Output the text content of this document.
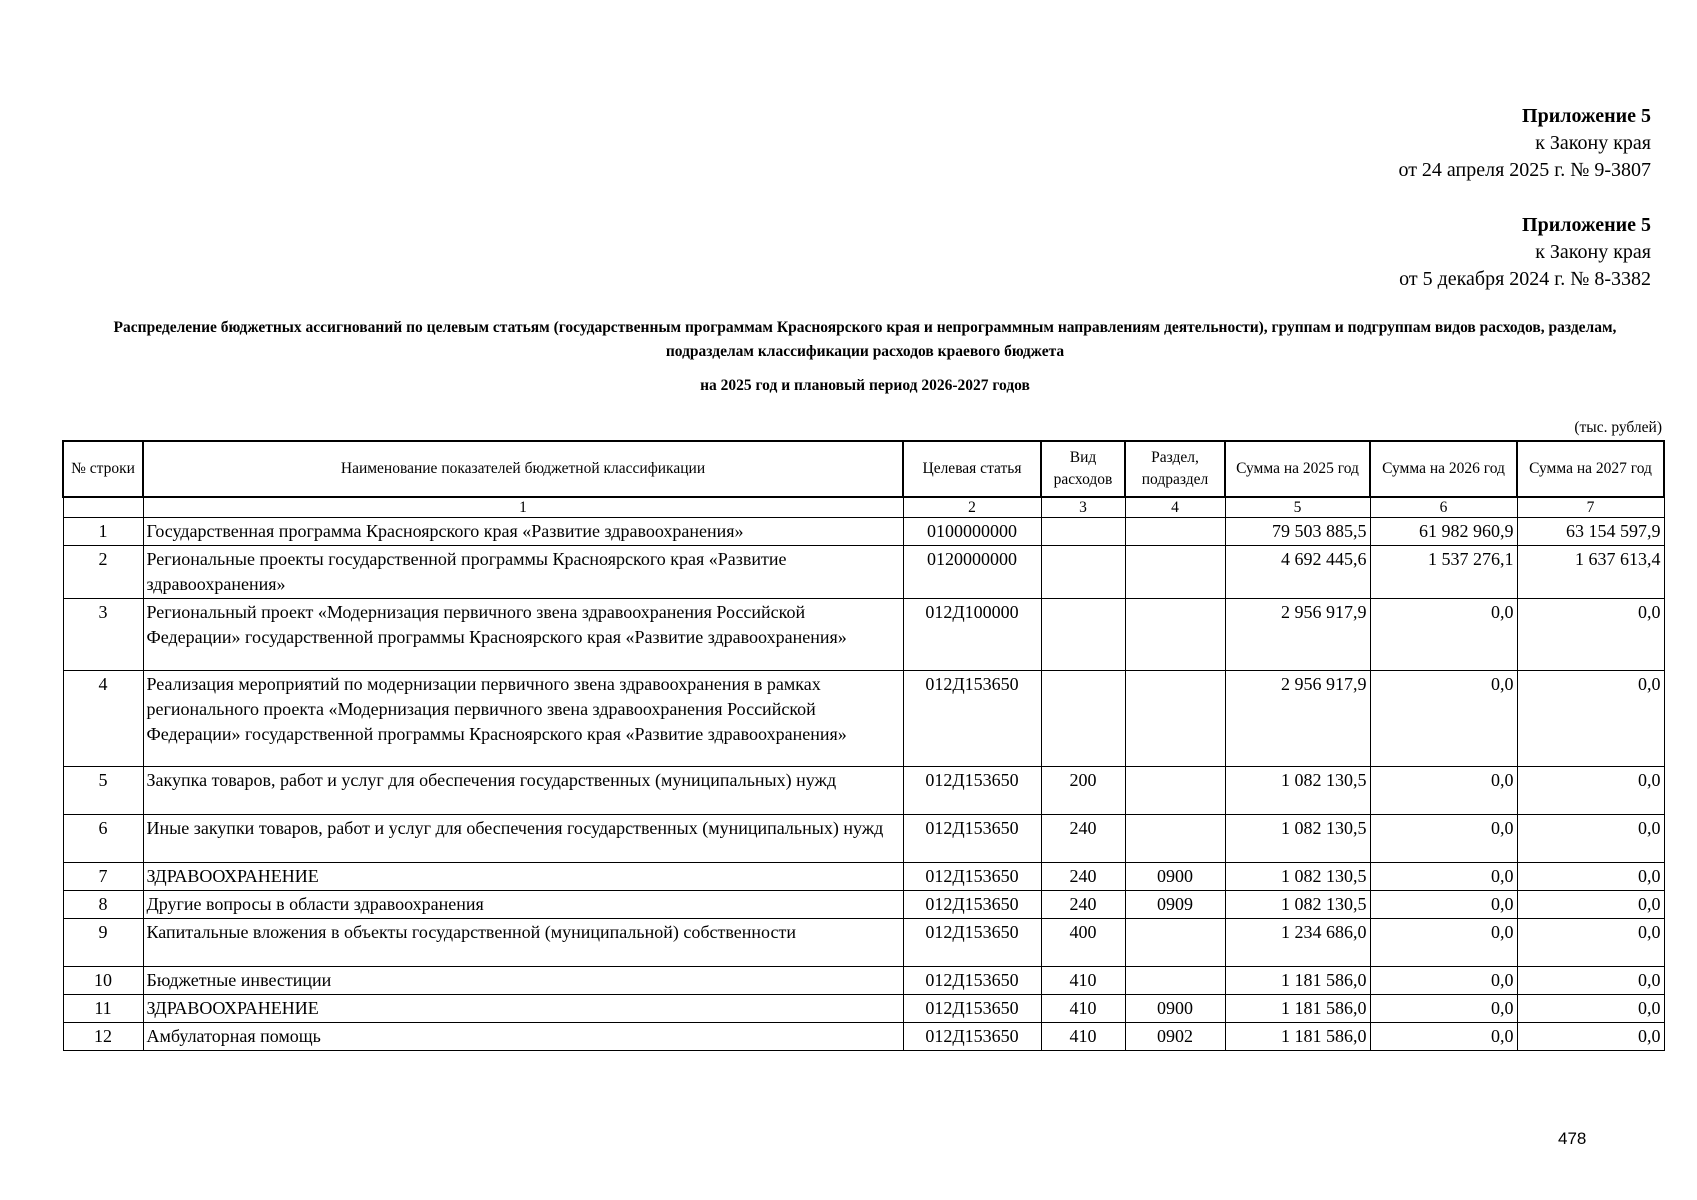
Приложение 5
к Закону края
от 24 апреля 2025 г. № 9-3807
Приложение 5
к Закону края
от 5 декабря 2024 г. № 8-3382
Распределение бюджетных ассигнований по целевым статьям (государственным программам Красноярского края и непрограммным направлениям деятельности), группам и подгруппам видов расходов, разделам, подразделам классификации расходов краевого бюджета
на 2025 год и плановый период 2026-2027 годов
(тыс. рублей)
№ строки	Наименование показателей бюджетной классификации	Целевая статья	Вид расходов	Раздел, подраздел	Сумма на 2025 год	Сумма на 2026 год	Сумма на 2027 год
	1	2	3	4	5	6	7
1	Государственная программа Красноярского края «Развитие здравоохранения»	0100000000			79 503 885,5	61 982 960,9	63 154 597,9
2	Региональные проекты государственной программы Красноярского края «Развитие здравоохранения»	0120000000			4 692 445,6	1 537 276,1	1 637 613,4
3	Региональный проект «Модернизация первичного звена здравоохранения Российской Федерации» государственной программы Красноярского края «Развитие здравоохранения»	012Д100000			2 956 917,9	0,0	0,0
4	Реализация мероприятий по модернизации первичного звена здравоохранения в рамках регионального проекта «Модернизация первичного звена здравоохранения Российской Федерации» государственной программы Красноярского края «Развитие здравоохранения»	012Д153650			2 956 917,9	0,0	0,0
5	Закупка товаров, работ и услуг для обеспечения государственных (муниципальных) нужд	012Д153650	200		1 082 130,5	0,0	0,0
6	Иные закупки товаров, работ и услуг для обеспечения государственных (муниципальных) нужд	012Д153650	240		1 082 130,5	0,0	0,0
7	ЗДРАВООХРАНЕНИЕ	012Д153650	240	0900	1 082 130,5	0,0	0,0
8	Другие вопросы в области здравоохранения	012Д153650	240	0909	1 082 130,5	0,0	0,0
9	Капитальные вложения в объекты государственной (муниципальной) собственности	012Д153650	400		1 234 686,0	0,0	0,0
10	Бюджетные инвестиции	012Д153650	410		1 181 586,0	0,0	0,0
11	ЗДРАВООХРАНЕНИЕ	012Д153650	410	0900	1 181 586,0	0,0	0,0
12	Амбулаторная помощь	012Д153650	410	0902	1 181 586,0	0,0	0,0
478
